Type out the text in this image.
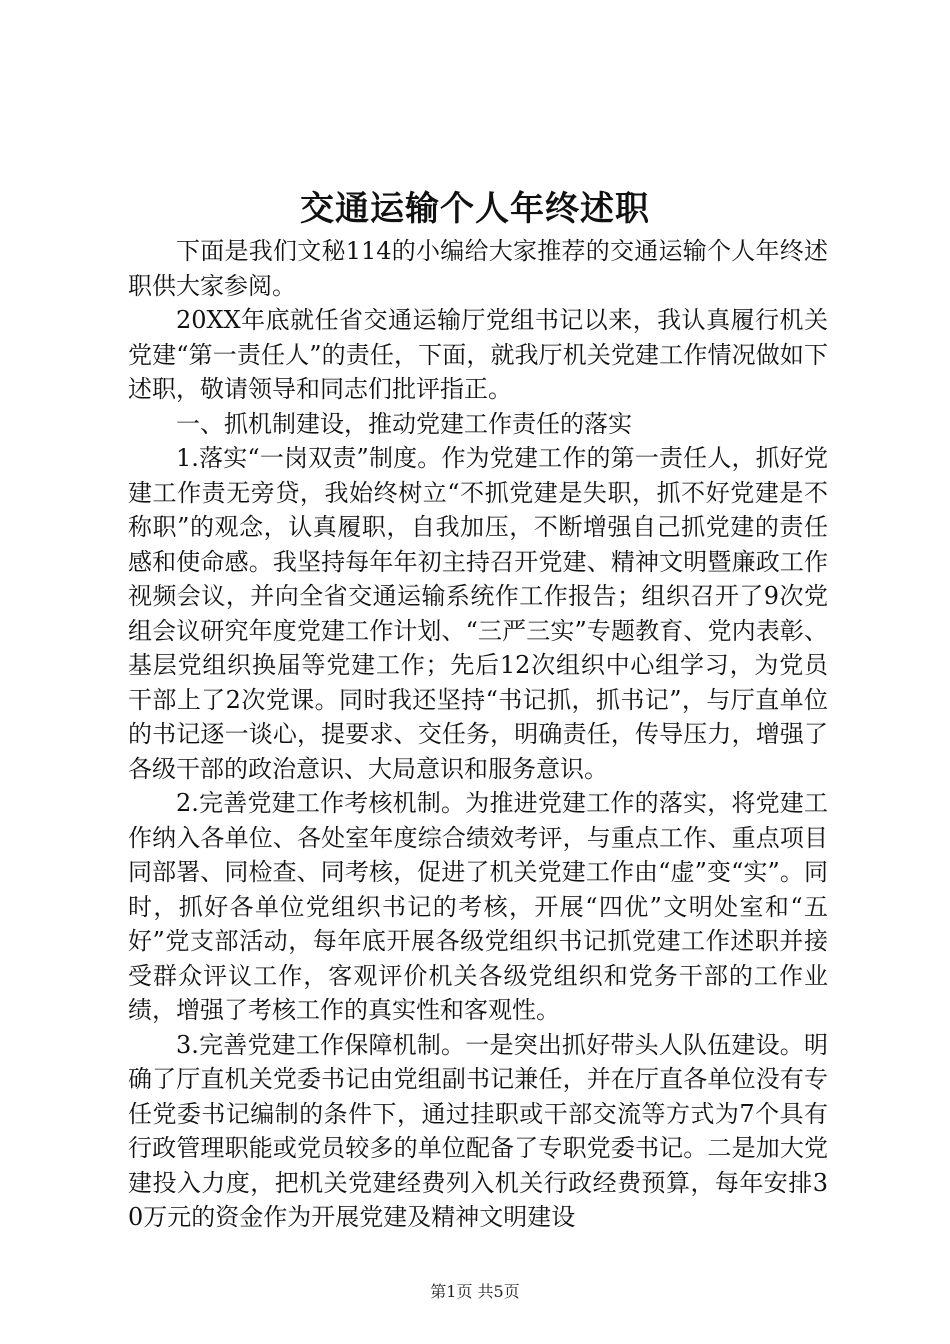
交通运输个人年终述职

下面是我们文秘114的小编给大家推荐的交通运输个人年终述职供大家参阅。

20XX年底就任省交通运输厅党组书记以来，我认真履行机关党建“第一责任人”的责任，下面，就我厅机关党建工作情况做如下述职，敬请领导和同志们批评指正。

一、抓机制建设，推动党建工作责任的落实

1.落实“一岗双责”制度。作为党建工作的第一责任人，抓好党建工作责无旁贷，我始终树立“不抓党建是失职，抓不好党建是不称职”的观念，认真履职，自我加压，不断增强自己抓党建的责任感和使命感。我坚持每年年初主持召开党建、精神文明暨廉政工作视频会议，并向全省交通运输系统作工作报告；组织召开了9次党组会议研究年度党建工作计划、“三严三实”专题教育、党内表彰、基层党组织换届等党建工作；先后12次组织中心组学习，为党员干部上了2次党课。同时我还坚持“书记抓，抓书记”，与厅直单位的书记逐一谈心，提要求、交任务，明确责任，传导压力，增强了各级干部的政治意识、大局意识和服务意识。

2.完善党建工作考核机制。为推进党建工作的落实，将党建工作纳入各单位、各处室年度综合绩效考评，与重点工作、重点项目同部署、同检查、同考核，促进了机关党建工作由“虚”变“实”。同时，抓好各单位党组织书记的考核，开展“四优”文明处室和“五好”党支部活动，每年底开展各级党组织书记抓党建工作述职并接受群众评议工作，客观评价机关各级党组织和党务干部的工作业绩，增强了考核工作的真实性和客观性。

3.完善党建工作保障机制。一是突出抓好带头人队伍建设。明确了厅直机关党委书记由党组副书记兼任，并在厅直各单位没有专任党委书记编制的条件下，通过挂职或干部交流等方式为7个具有行政管理职能或党员较多的单位配备了专职党委书记。二是加大党建投入力度，把机关党建经费列入机关行政经费预算，每年安排30万元的资金作为开展党建及精神文明建设

第1页 共5页
